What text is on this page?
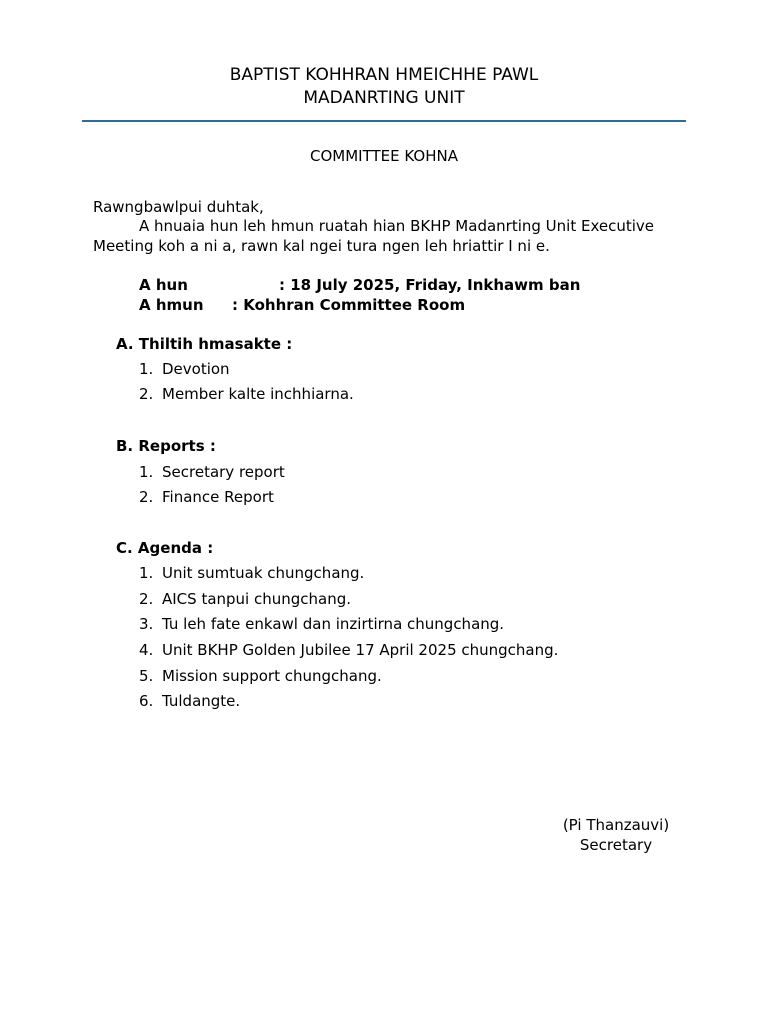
BAPTIST KOHHRAN HMEICHHE PAWL
MADANRTING UNIT
COMMITTEE KOHNA
Rawngbawlpui duhtak,
A hnuaia hun leh hmun ruatah hian BKHP Madanrting Unit Executive
Meeting koh a ni a, rawn kal ngei tura ngen leh hriattir I ni e.
A hun	: 18 July 2025, Friday, Inkhawm ban
A hmun : Kohhran Committee Room
A. Thiltih hmasakte :
1. Devotion
2. Member kalte inchhiarna.
B. Reports :
1. Secretary report
2. Finance Report
C. Agenda :
1. Unit sumtuak chungchang.
2. AICS tanpui chungchang.
3. Tu leh fate enkawl dan inzirtirna chungchang.
4. Unit BKHP Golden Jubilee 17 April 2025 chungchang.
5. Mission support chungchang.
6. Tuldangte.
(Pi Thanzauvi)
Secretary
